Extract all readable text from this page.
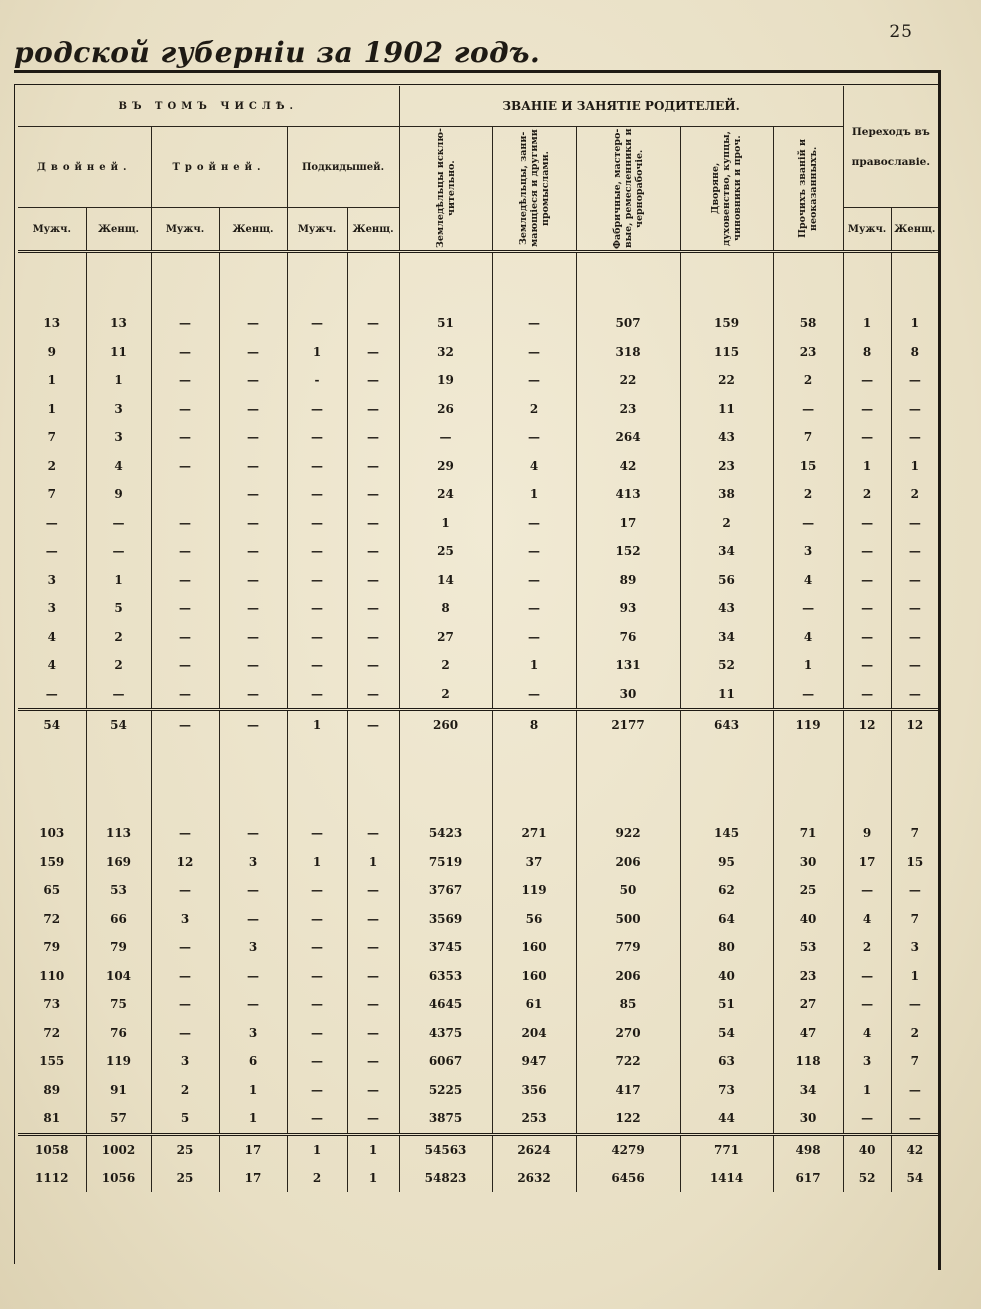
25
родской губерніи за 1902 годъ.
ВЪ ТОМЪ ЧИСЛѢ.						ЗВАНІЕ И ЗАНЯТІЕ РОДИТЕЛЕЙ.					Переходъ въ православіе.	
Двойней.		Тройней.		Подкидышей.		Земледѣльцы исклю-чительно.	Земледѣльцы, зани-мающіеся и другими промыслами.	Фабричные, мастеро-вые, ремесленники и чернорабочіе.	Дворяне, духовенство, купцы, чиновники и проч.	Прочихъ званій и неоказанныхъ.		

Мужч.	Женщ.	Мужч.	Женщ.	Мужч.	Женщ.						Мужч.	Женщ.

13	13	—	—	—	—	51	—	507	159	58	1	1
9	11	—	—	1	—	32	—	318	115	23	8	8
1	1	—	—	-	—	19	—	22	22	2	—	—
1	3	—	—	—	—	26	2	23	11	—	—	—
7	3	—	—	—	—	—	—	264	43	7	—	—
2	4	—	—	—	—	29	4	42	23	15	1	1
7	9		—	—	—	24	1	413	38	2	2	2
—	—	—	—	—	—	1	—	17	2	—	—	—
—	—	—	—	—	—	25	—	152	34	3	—	—
3	1	—	—	—	—	14	—	89	56	4	—	—
3	5	—	—	—	—	8	—	93	43	—	—	—
4	2	—	—	—	—	27	—	76	34	4	—	—
4	2	—	—	—	—	2	1	131	52	1	—	—
—	—	—	—	—	—	2	—	30	11	—	—	—
54	54	—	—	1	—	260	8	2177	643	119	12	12

103	113	—	—	—	—	5423	271	922	145	71	9	7
159	169	12	3	1	1	7519	37	206	95	30	17	15
65	53	—	—	—	—	3767	119	50	62	25	—	—
72	66	3	—	—	—	3569	56	500	64	40	4	7
79	79	—	3	—	—	3745	160	779	80	53	2	3
110	104	—	—	—	—	6353	160	206	40	23	—	1
73	75	—	—	—	—	4645	61	85	51	27	—	—
72	76	—	3	—	—	4375	204	270	54	47	4	2
155	119	3	6	—	—	6067	947	722	63	118	3	7
89	91	2	1	—	—	5225	356	417	73	34	1	—
81	57	5	1	—	—	3875	253	122	44	30	—	—
1058	1002	25	17	1	1	54563	2624	4279	771	498	40	42
1112	1056	25	17	2	1	54823	2632	6456	1414	617	52	54
